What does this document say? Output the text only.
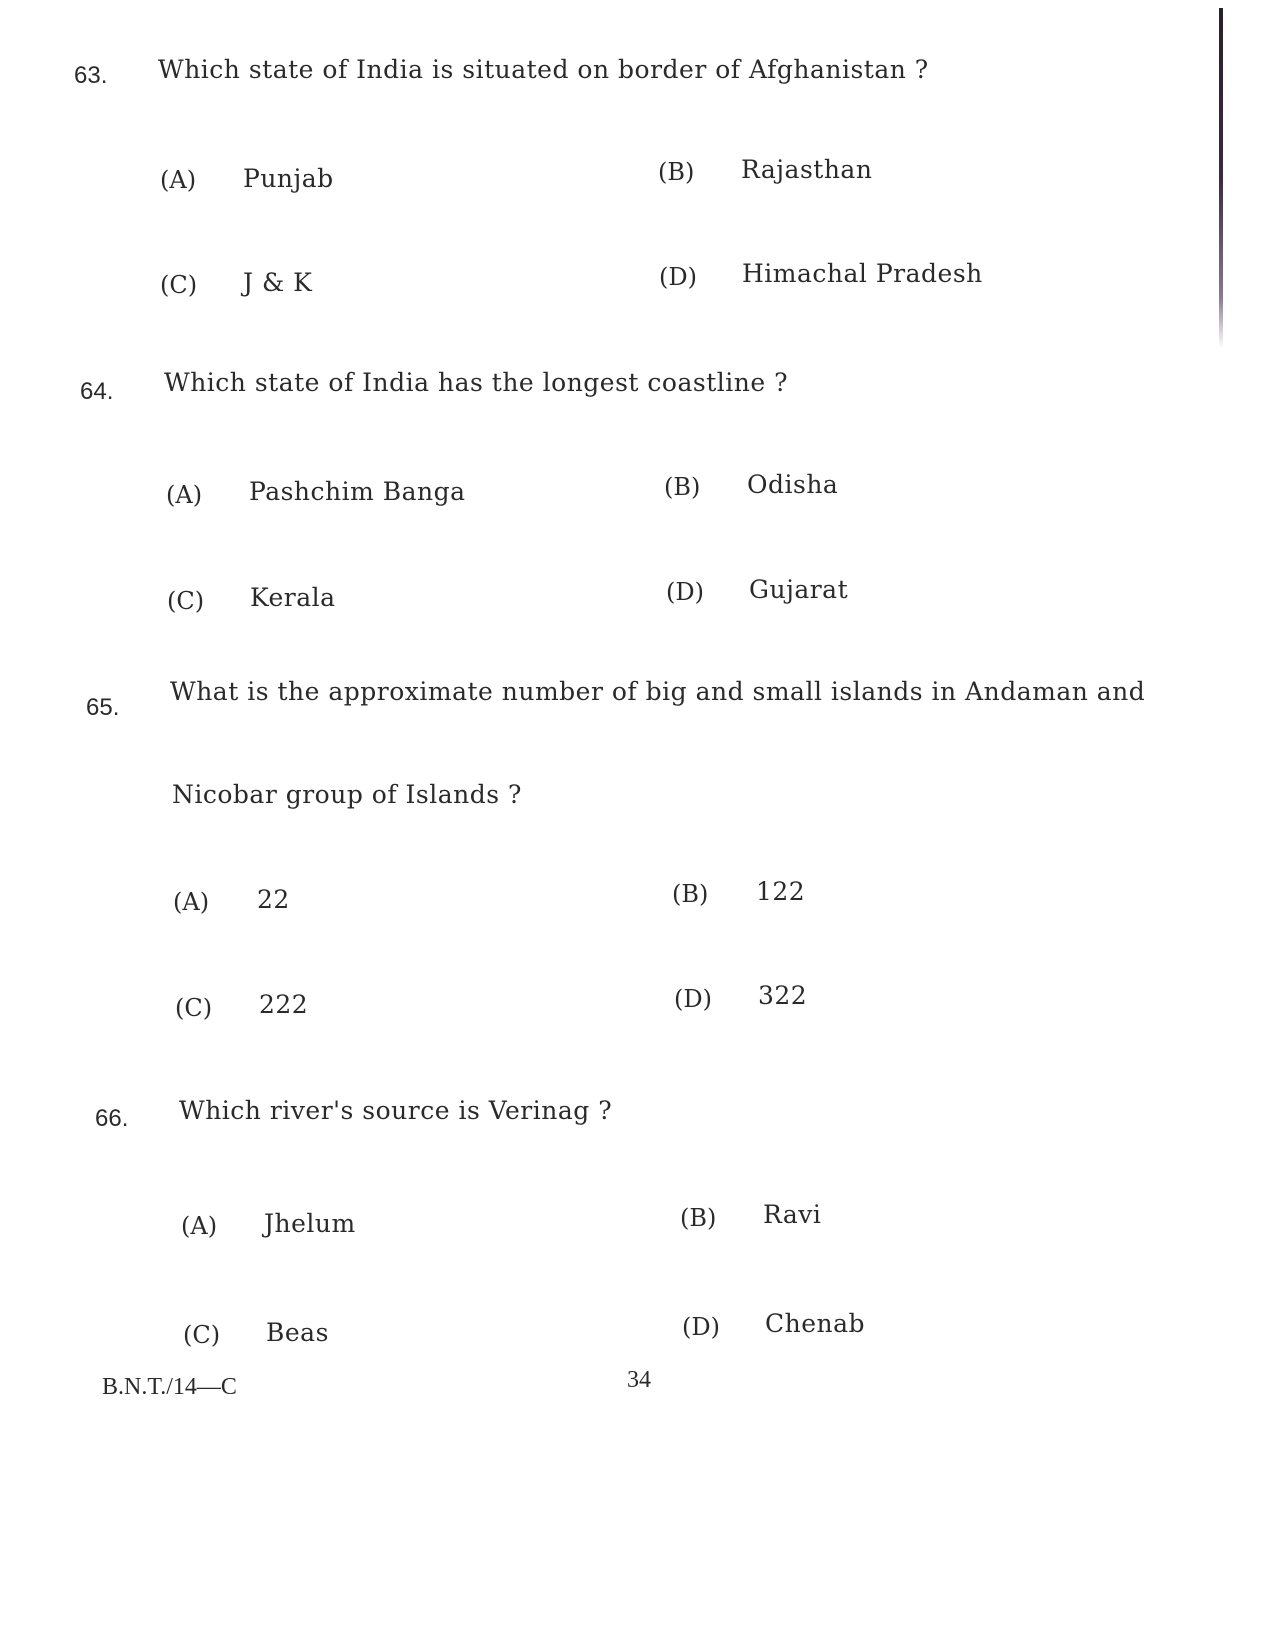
63. Which state of India is situated on border of Afghanistan ?
(A) Punjab	(B) Rajasthan
(C) J & K	(D) Himachal Pradesh
64. Which state of India has the longest coastline ?
(A) Pashchim Banga	(B) Odisha
(C) Kerala	(D) Gujarat
65.
What is the approximate number of big and small islands in Andaman and
Nicobar group of Islands ?
(A) 22	(B) 122
(C) 222	(D) 322
66. Which river's source is Verinag ?
(A) Jhelum	(B) Ravi
(C) Beas	(D) Chenab
B.N.T./14—C	34
